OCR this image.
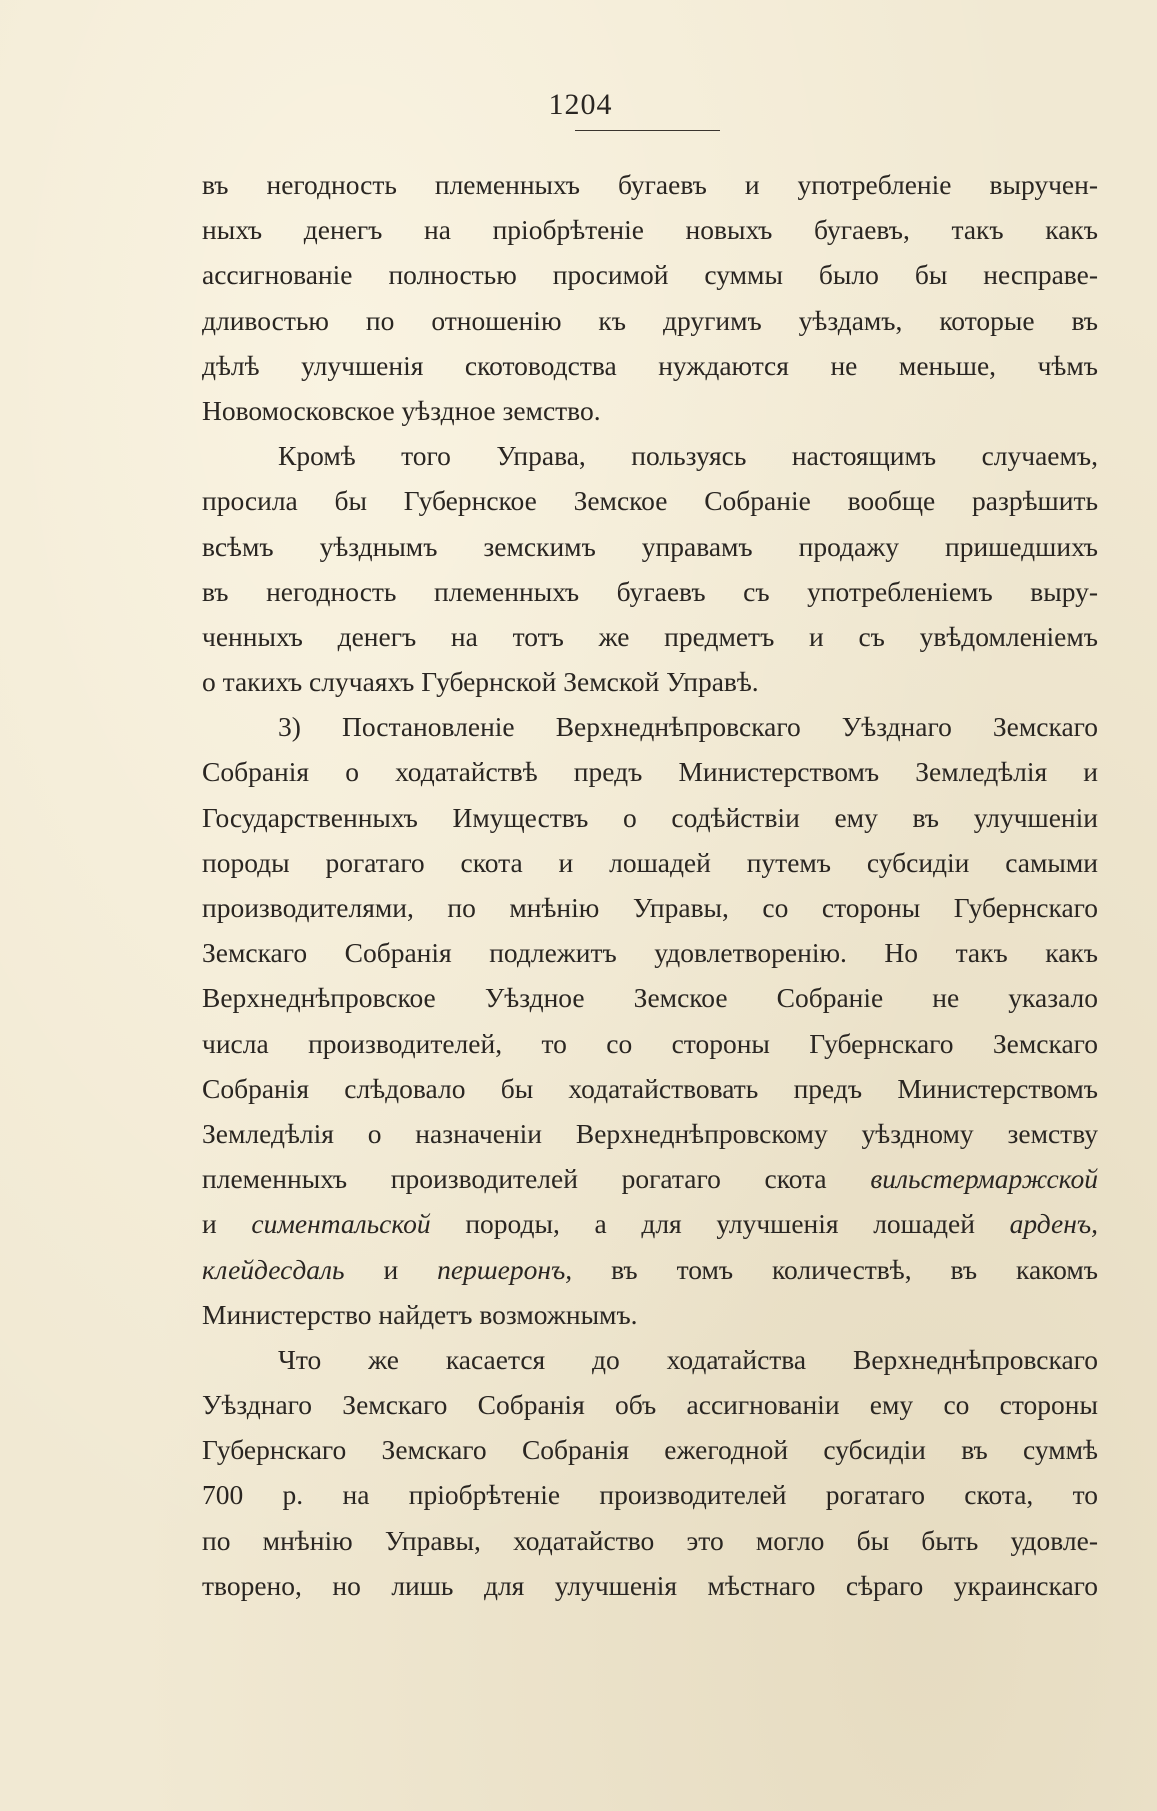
1204
въ негодность племенныхъ бугаевъ и употребленіе выручен-
ныхъ денегъ на пріобрѣтеніе новыхъ бугаевъ, такъ какъ
ассигнованіе полностью просимой суммы было бы несправе-
дливостью по отношенію къ другимъ уѣздамъ, которые въ
дѣлѣ улучшенія скотоводства нуждаются не меньше, чѣмъ
Новомосковское уѣздное земство.
Кромѣ того Управа, пользуясь настоящимъ случаемъ,
просила бы Губернское Земское Собраніе вообще разрѣшить
всѣмъ уѣзднымъ земскимъ управамъ продажу пришедшихъ
въ негодность племенныхъ бугаевъ съ употребленіемъ выру-
ченныхъ денегъ на тотъ же предметъ и съ увѣдомленіемъ
о такихъ случаяхъ Губернской Земской Управѣ.
3) Постановленіе Верхнеднѣпровскаго Уѣзднаго Земскаго
Собранія о ходатайствѣ предъ Министерствомъ Земледѣлія и
Государственныхъ Имуществъ о содѣйствіи ему въ улучшеніи
породы рогатаго скота и лошадей путемъ субсидіи самыми
производителями, по мнѣнію Управы, со стороны Губернскаго
Земскаго Собранія подлежитъ удовлетворенію. Но такъ какъ
Верхнеднѣпровское Уѣздное Земское Собраніе не указало
числа производителей, то со стороны Губернскаго Земскаго
Собранія слѣдовало бы ходатайствовать предъ Министерствомъ
Земледѣлія о назначеніи Верхнеднѣпровскому уѣздному земству
племенныхъ производителей рогатаго скота вильстермаржской
и симентальской породы, а для улучшенія лошадей арденъ,
клейдесдаль и першеронъ, въ томъ количествѣ, въ какомъ
Министерство найдетъ возможнымъ.
Что же касается до ходатайства Верхнеднѣпровскаго
Уѣзднаго Земскаго Собранія объ ассигнованіи ему со стороны
Губернскаго Земскаго Собранія ежегодной субсидіи въ суммѣ
700 р. на пріобрѣтеніе производителей рогатаго скота, то
по мнѣнію Управы, ходатайство это могло бы быть удовле-
творено, но лишь для улучшенія мѣстнаго сѣраго украинскаго
